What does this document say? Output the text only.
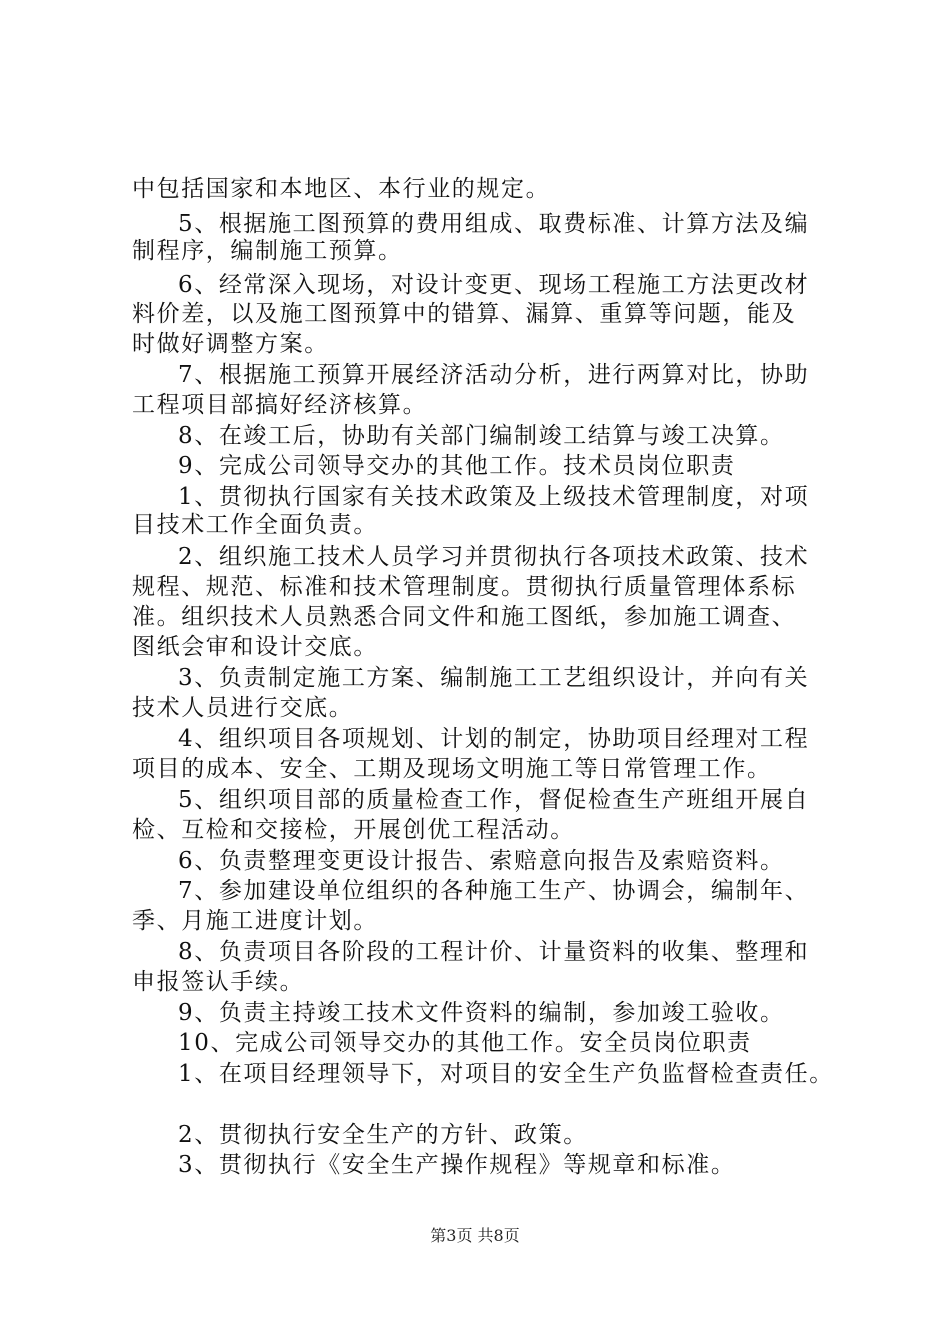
中包括国家和本地区、本行业的规定。
5、根据施工图预算的费用组成、取费标准、计算方法及编
制程序，编制施工预算。
6、经常深入现场，对设计变更、现场工程施工方法更改材
料价差，以及施工图预算中的错算、漏算、重算等问题，能及
时做好调整方案。
7、根据施工预算开展经济活动分析，进行两算对比，协助
工程项目部搞好经济核算。
8、在竣工后，协助有关部门编制竣工结算与竣工决算。
9、完成公司领导交办的其他工作。技术员岗位职责
1、贯彻执行国家有关技术政策及上级技术管理制度，对项
目技术工作全面负责。
2、组织施工技术人员学习并贯彻执行各项技术政策、技术
规程、规范、标准和技术管理制度。贯彻执行质量管理体系标
准。组织技术人员熟悉合同文件和施工图纸，参加施工调查、
图纸会审和设计交底。
3、负责制定施工方案、编制施工工艺组织设计，并向有关
技术人员进行交底。
4、组织项目各项规划、计划的制定，协助项目经理对工程
项目的成本、安全、工期及现场文明施工等日常管理工作。
5、组织项目部的质量检查工作，督促检查生产班组开展自
检、互检和交接检，开展创优工程活动。
6、负责整理变更设计报告、索赔意向报告及索赔资料。
7、参加建设单位组织的各种施工生产、协调会，编制年、
季、月施工进度计划。
8、负责项目各阶段的工程计价、计量资料的收集、整理和
申报签认手续。
9、负责主持竣工技术文件资料的编制，参加竣工验收。
10、完成公司领导交办的其他工作。安全员岗位职责
1、在项目经理领导下，对项目的安全生产负监督检查责任。
2、贯彻执行安全生产的方针、政策。
3、贯彻执行《安全生产操作规程》等规章和标准。
第3页 共8页
